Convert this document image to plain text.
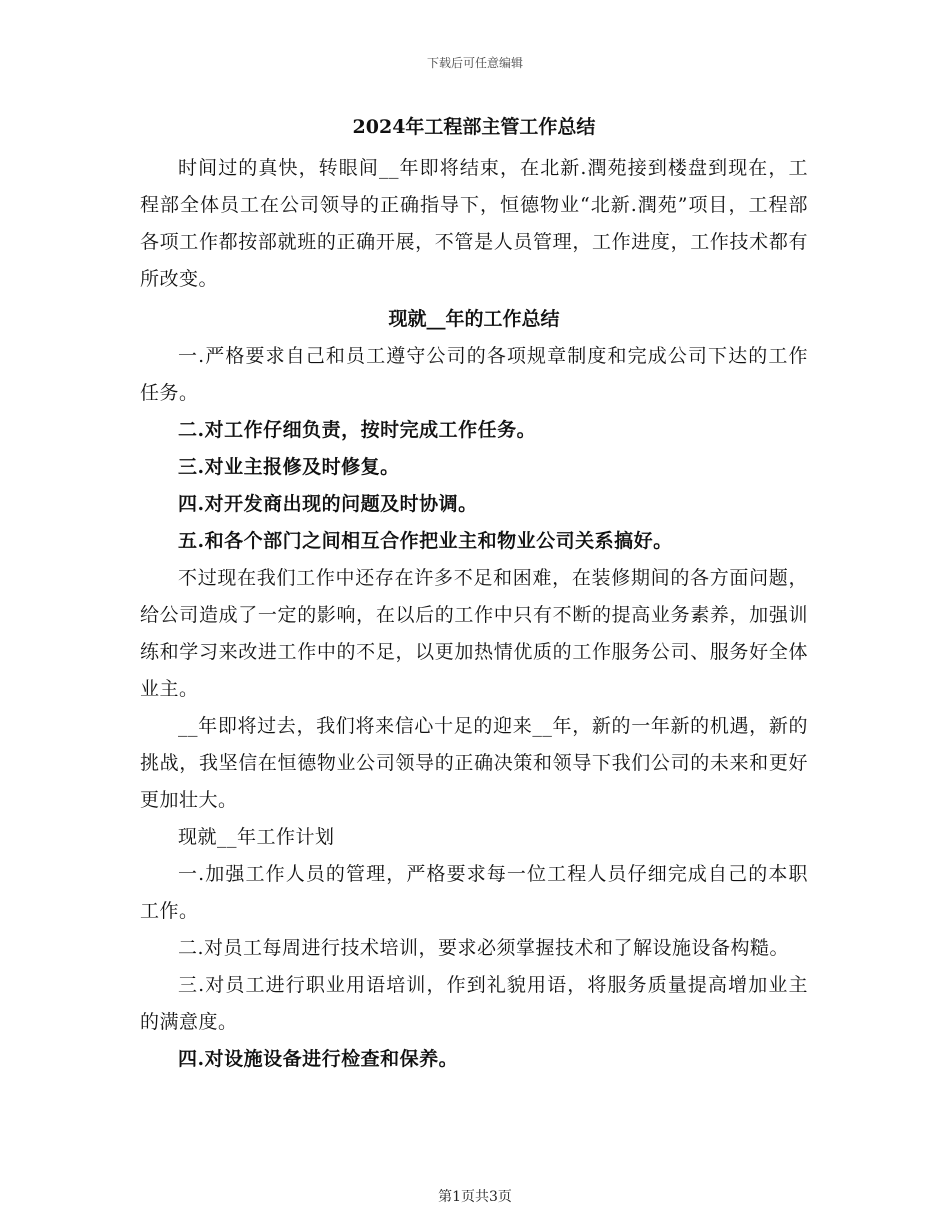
下载后可任意编辑
2024年工程部主管工作总结

时间过的真快，转眼间__年即将结束，在北新.潤苑接到楼盘到现在，工程部全体员工在公司领导的正确指导下，恒德物业“北新.潤苑”项目，工程部各项工作都按部就班的正确开展，不管是人员管理，工作进度，工作技术都有所改变。

现就__年的工作总结

一.严格要求自己和员工遵守公司的各项规章制度和完成公司下达的工作任务。

二.对工作仔细负责，按时完成工作任务。

三.对业主报修及时修复。

四.对开发商出现的问题及时协调。

五.和各个部门之间相互合作把业主和物业公司关系搞好。

不过现在我们工作中还存在许多不足和困难，在装修期间的各方面问题，给公司造成了一定的影响，在以后的工作中只有不断的提高业务素养，加强训练和学习来改进工作中的不足，以更加热情优质的工作服务公司、服务好全体业主。

__年即将过去，我们将来信心十足的迎来__年，新的一年新的机遇，新的挑战，我坚信在恒德物业公司领导的正确决策和领导下我们公司的未来和更好更加壮大。

现就__年工作计划

一.加强工作人员的管理，严格要求每一位工程人员仔细完成自己的本职工作。

二.对员工每周进行技术培训，要求必须掌握技术和了解设施设备构糙。

三.对员工进行职业用语培训，作到礼貌用语，将服务质量提高增加业主的满意度。

四.对设施设备进行检查和保养。

第1页共3页
